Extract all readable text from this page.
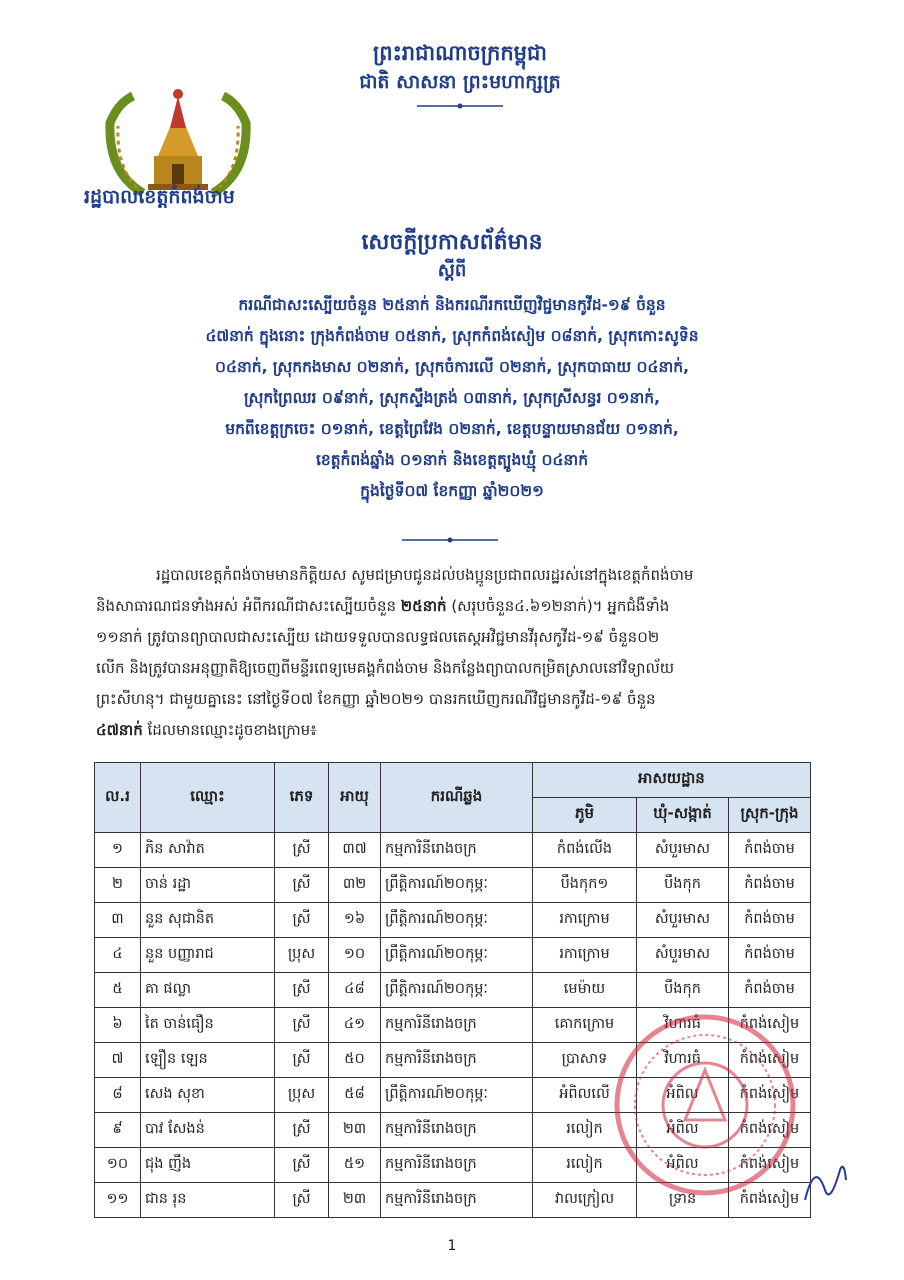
ព្រះរាជាណាចក្រកម្ពុជា
ជាតិ សាសនា ព្រះមហាក្សត្រ
រដ្ឋបាលខេត្តកំពង់ចាម
សេចក្តីប្រកាសព័ត៌មាន
ស្តីពី
ករណីជាសះស្បើយចំនួន ២៥នាក់ និងករណីរកឃើញវិជ្ជមានកូវីដ-១៩ ចំនួន
៤៧នាក់ ក្នុងនោះ ក្រុងកំពង់ចាម ០៥នាក់, ស្រុកកំពង់សៀម ០៨នាក់, ស្រុកកោះសូទិន
០៤នាក់, ស្រុកកងមាស ០២នាក់, ស្រុកចំការលើ ០២នាក់, ស្រុកបាធាយ ០៤នាក់,
ស្រុកព្រៃឈរ ០៩នាក់, ស្រុកស្ទឹងត្រង់ ០៣នាក់, ស្រុកស្រីសន្ធរ ០១នាក់,
មកពីខេត្តក្រចេះ ០១នាក់, ខេត្តព្រៃវែង ០២នាក់, ខេត្តបន្ទាយមានជ័យ ០១នាក់,
ខេត្តកំពង់ឆ្នាំង ០១នាក់ និងខេត្តត្បូងឃ្មុំ ០៤នាក់
ក្នុងថ្ងៃទី០៧ ខែកញ្ញា ឆ្នាំ២០២១
រដ្ឋបាលខេត្តកំពង់ចាមមានកិត្តិយស សូមជម្រាបជូនដល់បងប្អូនប្រជាពលរដ្ឋរស់នៅក្នុងខេត្តកំពង់ចាម
និងសាធារណជនទាំងអស់ អំពីករណីជាសះស្បើយចំនួន ២៥នាក់ (សរុបចំនួន៤.៦១២នាក់)។ អ្នកជំងឺទាំង
១១នាក់ ត្រូវបានព្យាបាលជាសះស្បើយ ដោយទទួលបានលទ្ធផលតេស្តអវិជ្ជមានវីរុសកូវីដ-១៩ ចំនួន០២
លើក និងត្រូវបានអនុញ្ញាតិឱ្យចេញពីមន្ទីរពេទ្យមេគង្គកំពង់ចាម និងកន្លែងព្យាបាលកម្រិតស្រាលនៅវិទ្យាល័យ
ព្រះសីហនុ។ ជាមួយគ្នានេះ នៅថ្ងៃទី០៧ ខែកញ្ញា ឆ្នាំ២០២១ បានរកឃើញករណីវិជ្ជមានកូវីដ-១៩ ចំនួន
៤៧នាក់ ដែលមានឈ្មោះដូចខាងក្រោម៖
ល.រ	ឈ្មោះ	ភេទ	អាយុ	ករណីឆ្លង	អាសយដ្ឋាន		
					ភូមិ	ឃុំ-សង្កាត់	ស្រុក-ក្រុង
១	ភិន សាវ៉ាត	ស្រី	៣៧	កម្មការិនីរោងចក្រ	កំពង់លើង	សំបួរមាស	កំពង់ចាម
២	ចាន់ រដ្ឋា	ស្រី	៣២	ព្រឹត្តិការណ៍២០កុម្ភៈ	បឹងកុក១	បឹងកុក	កំពង់ចាម
៣	នួន សុជានិត	ស្រី	១៦	ព្រឹត្តិការណ៍២០កុម្ភៈ	រកាក្រោម	សំបួរមាស	កំពង់ចាម
៤	នួន បញ្ញារាជ	ប្រុស	១០	ព្រឹត្តិការណ៍២០កុម្ភៈ	រកាក្រោម	សំបួរមាស	កំពង់ចាម
៥	គា ផល្លា	ស្រី	៤៨	ព្រឹត្តិការណ៍២០កុម្ភៈ	មេម៉ាយ	បឹងកុក	កំពង់ចាម
៦	តៃ ចាន់ធឿន	ស្រី	៤១	កម្មការិនីរោងចក្រ	គោកក្រោម	វិហារធំ	កំពង់សៀម
៧	ឡឿន ឡេន	ស្រី	៥០	កម្មការិនីរោងចក្រ	ប្រាសាទ	វិហារធំ	កំពង់សៀម
៨	សេង សុខា	ប្រុស	៥៨	ព្រឹត្តិការណ៍២០កុម្ភៈ	អំពិលលើ	អំពិល	កំពង់សៀម
៩	បាវ សែងន់	ស្រី	២៣	កម្មការិនីរោងចក្រ	រលៀក	អំពិល	កំពង់សៀម
១០	ជុង ញឹង	ស្រី	៥១	កម្មការិនីរោងចក្រ	រលៀក	អំពិល	កំពង់សៀម
១១	ជាន រុន	ស្រី	២៣	កម្មការិនីរោងចក្រ	វាលក្រៀល	ទ្រាន	កំពង់សៀម
1
